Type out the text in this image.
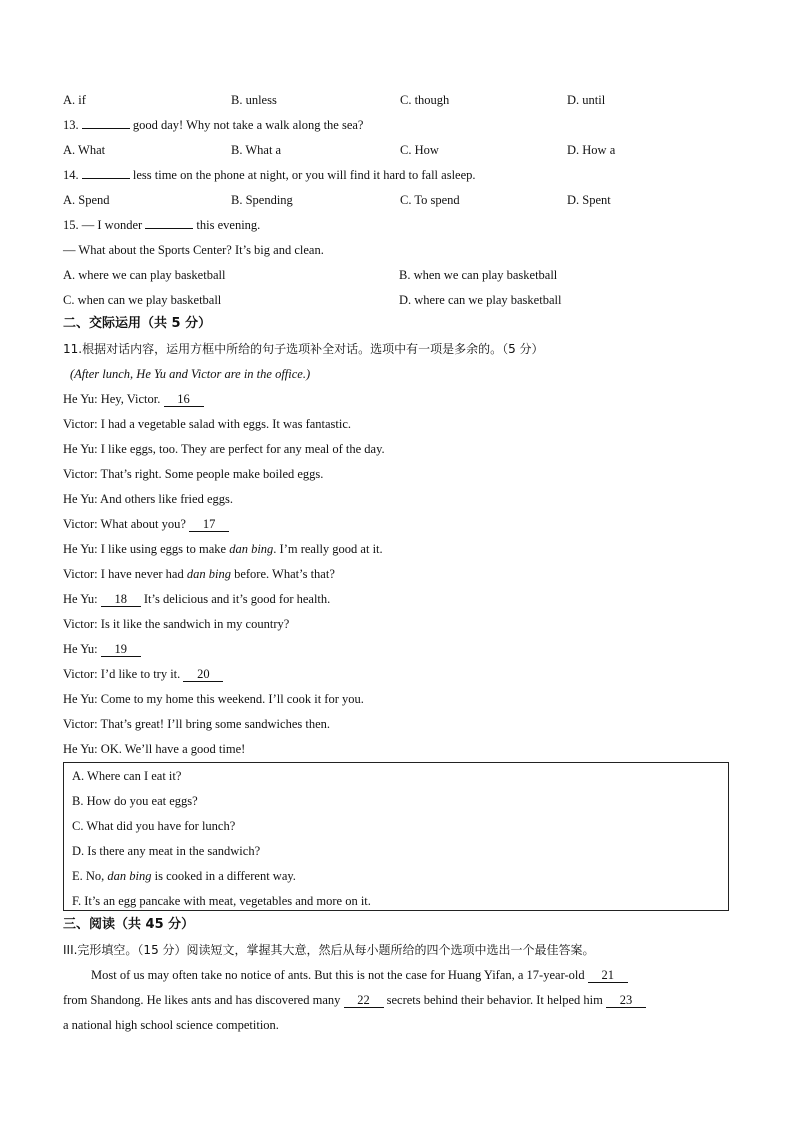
A. if	B. unless	C. though	D. until
13.	good day! Why not take a walk along the sea?
A. What	B. What a	C. How	D. How a
14.	less time on the phone at night, or you will find it hard to fall asleep.
A. Spend	B. Spending	C. To spend	D. Spent
15. — I wonder	this evening.
— What about the Sports Center? It’s big and clean.
A. where we can play basketball	B. when we can play basketball
C. when can we play basketball	D. where can we play basketball
二、交际运用（共 5 分）
11.根据对话内容，运用方框中所给的句子选项补全对话。选项中有一项是多余的。（5 分）
(After lunch, He Yu and Victor are in the office.)
He Yu: Hey, Victor. 16
Victor: I had a vegetable salad with eggs. It was fantastic.
He Yu: I like eggs, too. They are perfect for any meal of the day.
Victor: That’s right. Some people make boiled eggs.
He Yu: And others like fried eggs.
Victor: What about you? 17
He Yu: I like using eggs to make dan bing. I’m really good at it.
Victor: I have never had dan bing before. What’s that?
He Yu: 18 It’s delicious and it’s good for health.
Victor: Is it like the sandwich in my country?
He Yu: 19
Victor: I’d like to try it. 20
He Yu: Come to my home this weekend. I’ll cook it for you.
Victor: That’s great! I’ll bring some sandwiches then.
He Yu: OK. We’ll have a good time!
A. Where can I eat it?
B. How do you eat eggs?
C. What did you have for lunch?
D. Is there any meat in the sandwich?
E. No, dan bing is cooked in a different way.
F. It’s an egg pancake with meat, vegetables and more on it.
三、阅读（共 45 分）
III.完形填空。（15 分）阅读短文，掌握其大意，然后从每小题所给的四个选项中选出一个最佳答案。
Most of us may often take no notice of ants. But this is not the case for Huang Yifan, a 17-year-old 21
from Shandong. He likes ants and has discovered many 22 secrets behind their behavior. It helped him 23
a national high school science competition.
